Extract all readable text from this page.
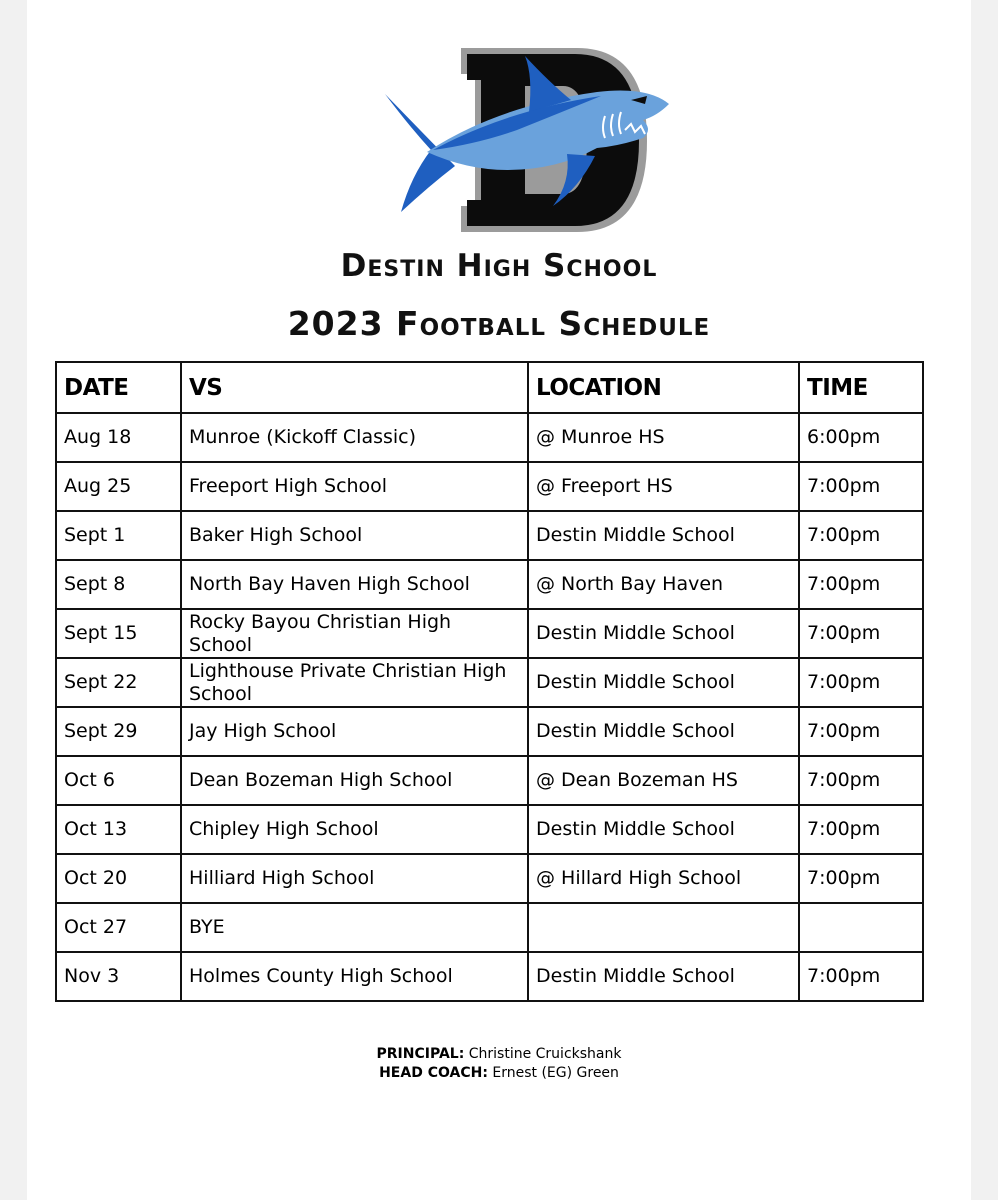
Destin High School
2023 Football Schedule
DATE	VS	LOCATION	TIME
Aug 18	Munroe (Kickoff Classic)	@ Munroe HS	6:00pm
Aug 25	Freeport High School	@ Freeport HS	7:00pm
Sept 1	Baker High School	Destin Middle School	7:00pm
Sept 8	North Bay Haven High School	@ North Bay Haven	7:00pm
Sept 15	Rocky Bayou Christian High School	Destin Middle School	7:00pm
Sept 22	Lighthouse Private Christian High School	Destin Middle School	7:00pm
Sept 29	Jay High School	Destin Middle School	7:00pm
Oct 6	Dean Bozeman High School	@ Dean Bozeman HS	7:00pm
Oct 13	Chipley High School	Destin Middle School	7:00pm
Oct 20	Hilliard High School	@ Hillard High School	7:00pm
Oct 27	BYE		
Nov 3	Holmes County High School	Destin Middle School	7:00pm
PRINCIPAL: Christine Cruickshank
HEAD COACH: Ernest (EG) Green
